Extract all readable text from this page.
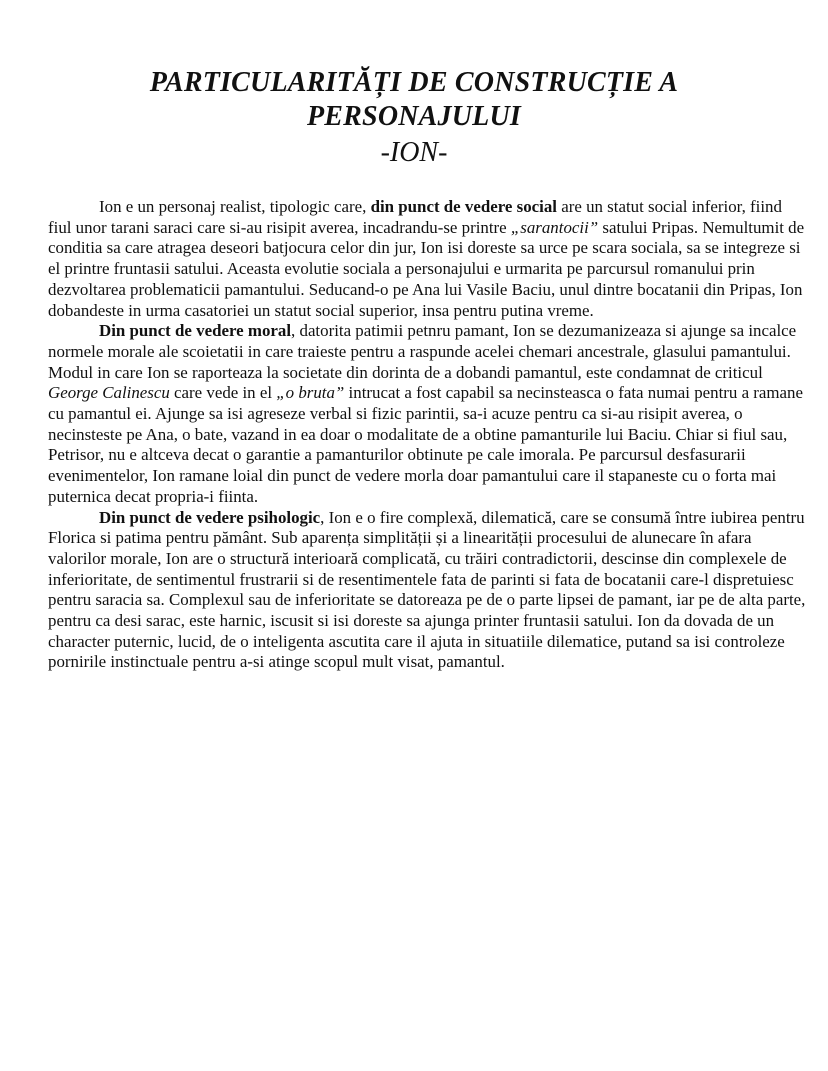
PARTICULARITĂȚI DE CONSTRUCȚIE A
PERSONAJULUI
-ION-

Ion e un personaj realist, tipologic care, din punct de vedere social are un statut social inferior, fiind fiul unor tarani saraci care si-au risipit averea, incadrandu-se printre „sarantocii” satului Pripas. Nemultumit de conditia sa care atragea deseori batjocura celor din jur, Ion isi doreste sa urce pe scara sociala, sa se integreze si el printre fruntasii satului. Aceasta evolutie sociala a personajului e urmarita pe parcursul romanului prin dezvoltarea problematicii pamantului. Seducand-o pe Ana lui Vasile Baciu, unul dintre bocatanii din Pripas, Ion dobandeste in urma casatoriei un statut social superior, insa pentru putina vreme.

Din punct de vedere moral, datorita patimii petnru pamant, Ion se dezumanizeaza si ajunge sa incalce normele morale ale scoietatii in care traieste pentru a raspunde acelei chemari ancestrale, glasului pamantului. Modul in care Ion se raporteaza la societate din dorinta de a dobandi pamantul, este condamnat de criticul George Calinescu care vede in el „o bruta” intrucat a fost capabil sa necinsteasca o fata numai pentru a ramane cu pamantul ei. Ajunge sa isi agreseze verbal si fizic parintii, sa-i acuze pentru ca si-au risipit averea, o necinsteste pe Ana, o bate, vazand in ea doar o modalitate de a obtine pamanturile lui Baciu. Chiar si fiul sau, Petrisor, nu e altceva decat o garantie a pamanturilor obtinute pe cale imorala. Pe parcursul desfasurarii evenimentelor, Ion ramane loial din punct de vedere morla doar pamantului care il stapaneste cu o forta mai puternica decat propria-i fiinta.

Din punct de vedere psihologic, Ion e o fire complexă, dilematică, care se consumă între iubirea pentru Florica si patima pentru pământ. Sub aparența simplității și a linearității procesului de alunecare în afara valorilor morale, Ion are o structură interioară complicată, cu trăiri contradictorii, descinse din complexele de inferioritate, de sentimentul frustrarii si de resentimentele fata de parinti si fata de bocatanii care-l dispretuiesc pentru saracia sa. Complexul sau de inferioritate se datoreaza pe de o parte lipsei de pamant, iar pe de alta parte, pentru ca desi sarac, este harnic, iscusit si isi doreste sa ajunga printer fruntasii satului. Ion da dovada de un character puternic, lucid, de o inteligenta ascutita care il ajuta in situatiile dilematice, putand sa isi controleze pornirile instinctuale pentru a-si atinge scopul mult visat, pamantul.
